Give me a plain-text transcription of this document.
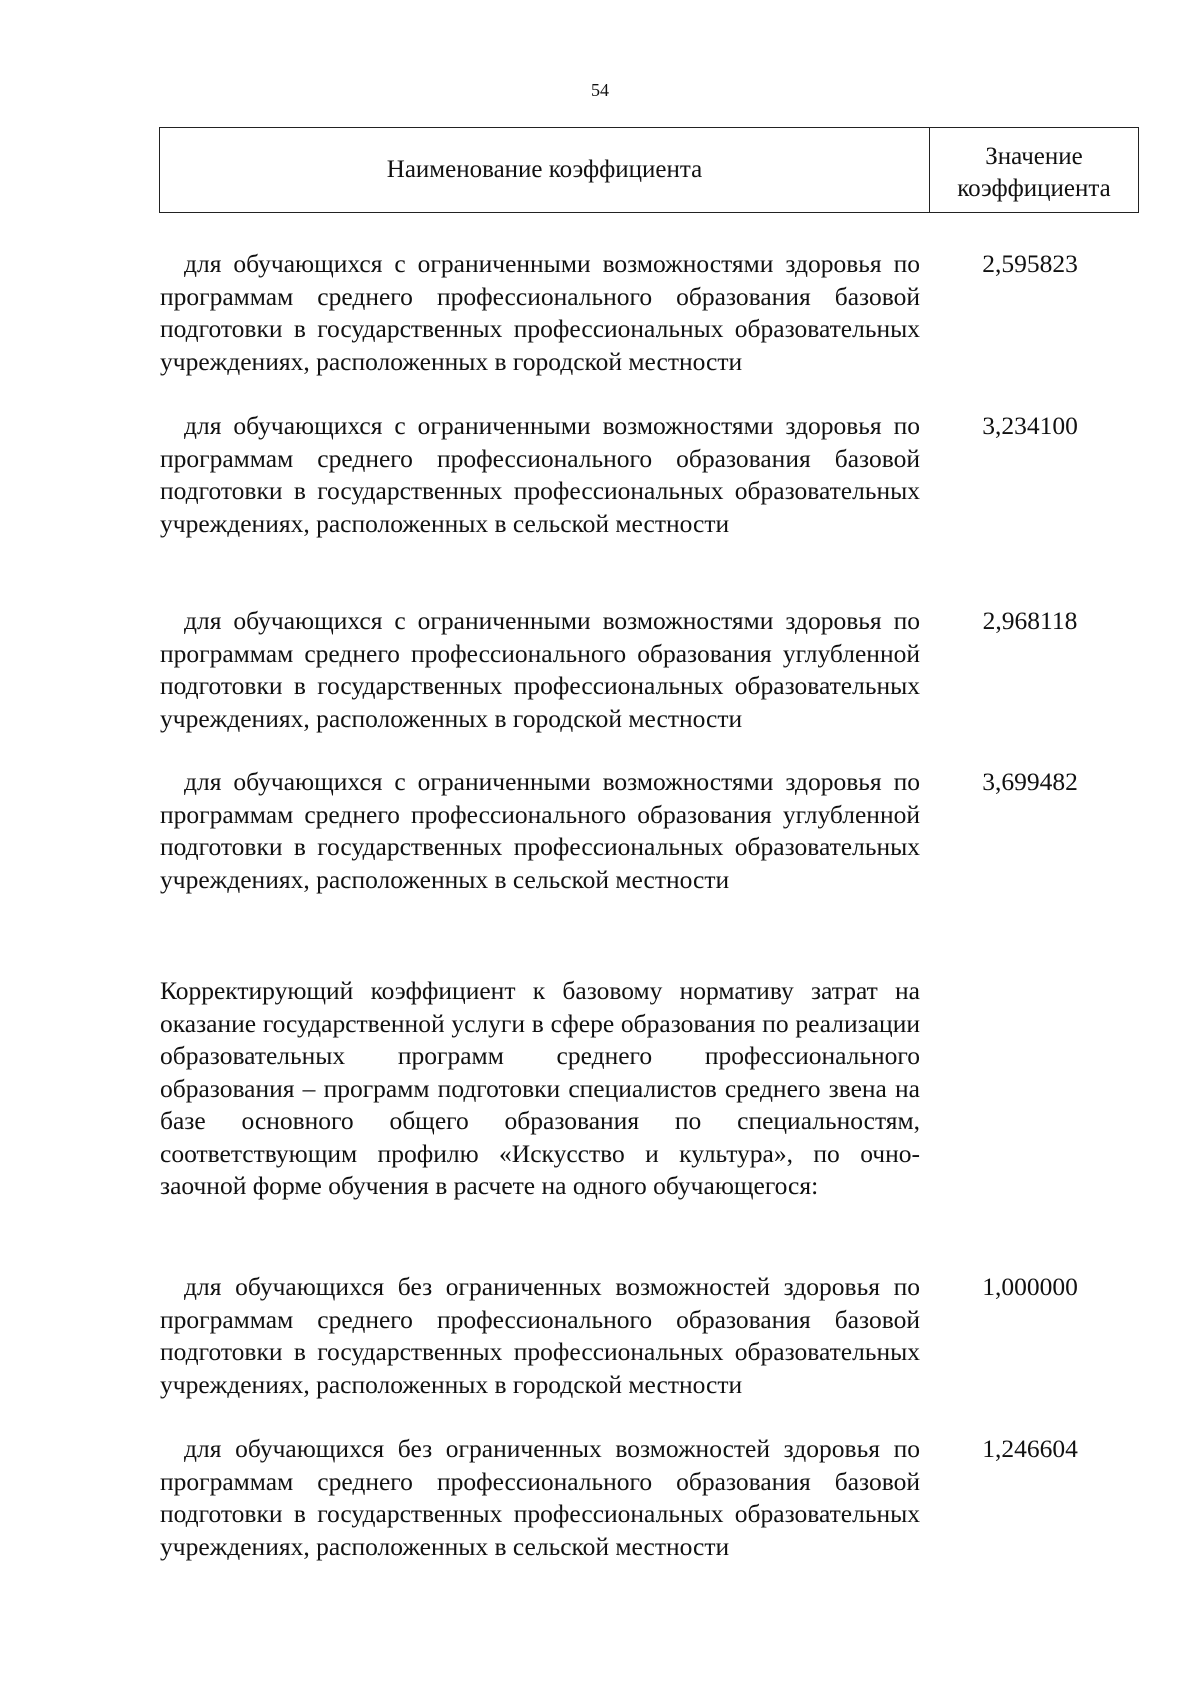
54
Наименование коэффициента	Значение
коэффициента
для обучающихся с ограниченными возможностями здоровья по программам среднего профессионального образования базовой подготовки в государственных профессиональных образовательных учреждениях, расположенных в городской местности
2,595823
для обучающихся с ограниченными возможностями здоровья по программам среднего профессионального образования базовой подготовки в государственных профессиональных образовательных учреждениях, расположенных в сельской местности
3,234100
для обучающихся с ограниченными возможностями здоровья по программам среднего профессионального образования углубленной подготовки в государственных профессиональных образовательных учреждениях, расположенных в городской местности
2,968118
для обучающихся с ограниченными возможностями здоровья по программам среднего профессионального образования углубленной подготовки в государственных профессиональных образовательных учреждениях, расположенных в сельской местности
3,699482
Корректирующий коэффициент к базовому нормативу затрат на оказание государственной услуги в сфере образования по реализации образовательных программ среднего профессионального образования – программ подготовки специалистов среднего звена на базе основного общего образования по специальностям, соответствующим профилю «Искусство и культура», по очно-заочной форме обучения в расчете на одного обучающегося:
для обучающихся без ограниченных возможностей здоровья по программам среднего профессионального образования базовой подготовки в государственных профессиональных образовательных учреждениях, расположенных в городской местности
1,000000
для обучающихся без ограниченных возможностей здоровья по программам среднего профессионального образования базовой подготовки в государственных профессиональных образовательных учреждениях, расположенных в сельской местности
1,246604
